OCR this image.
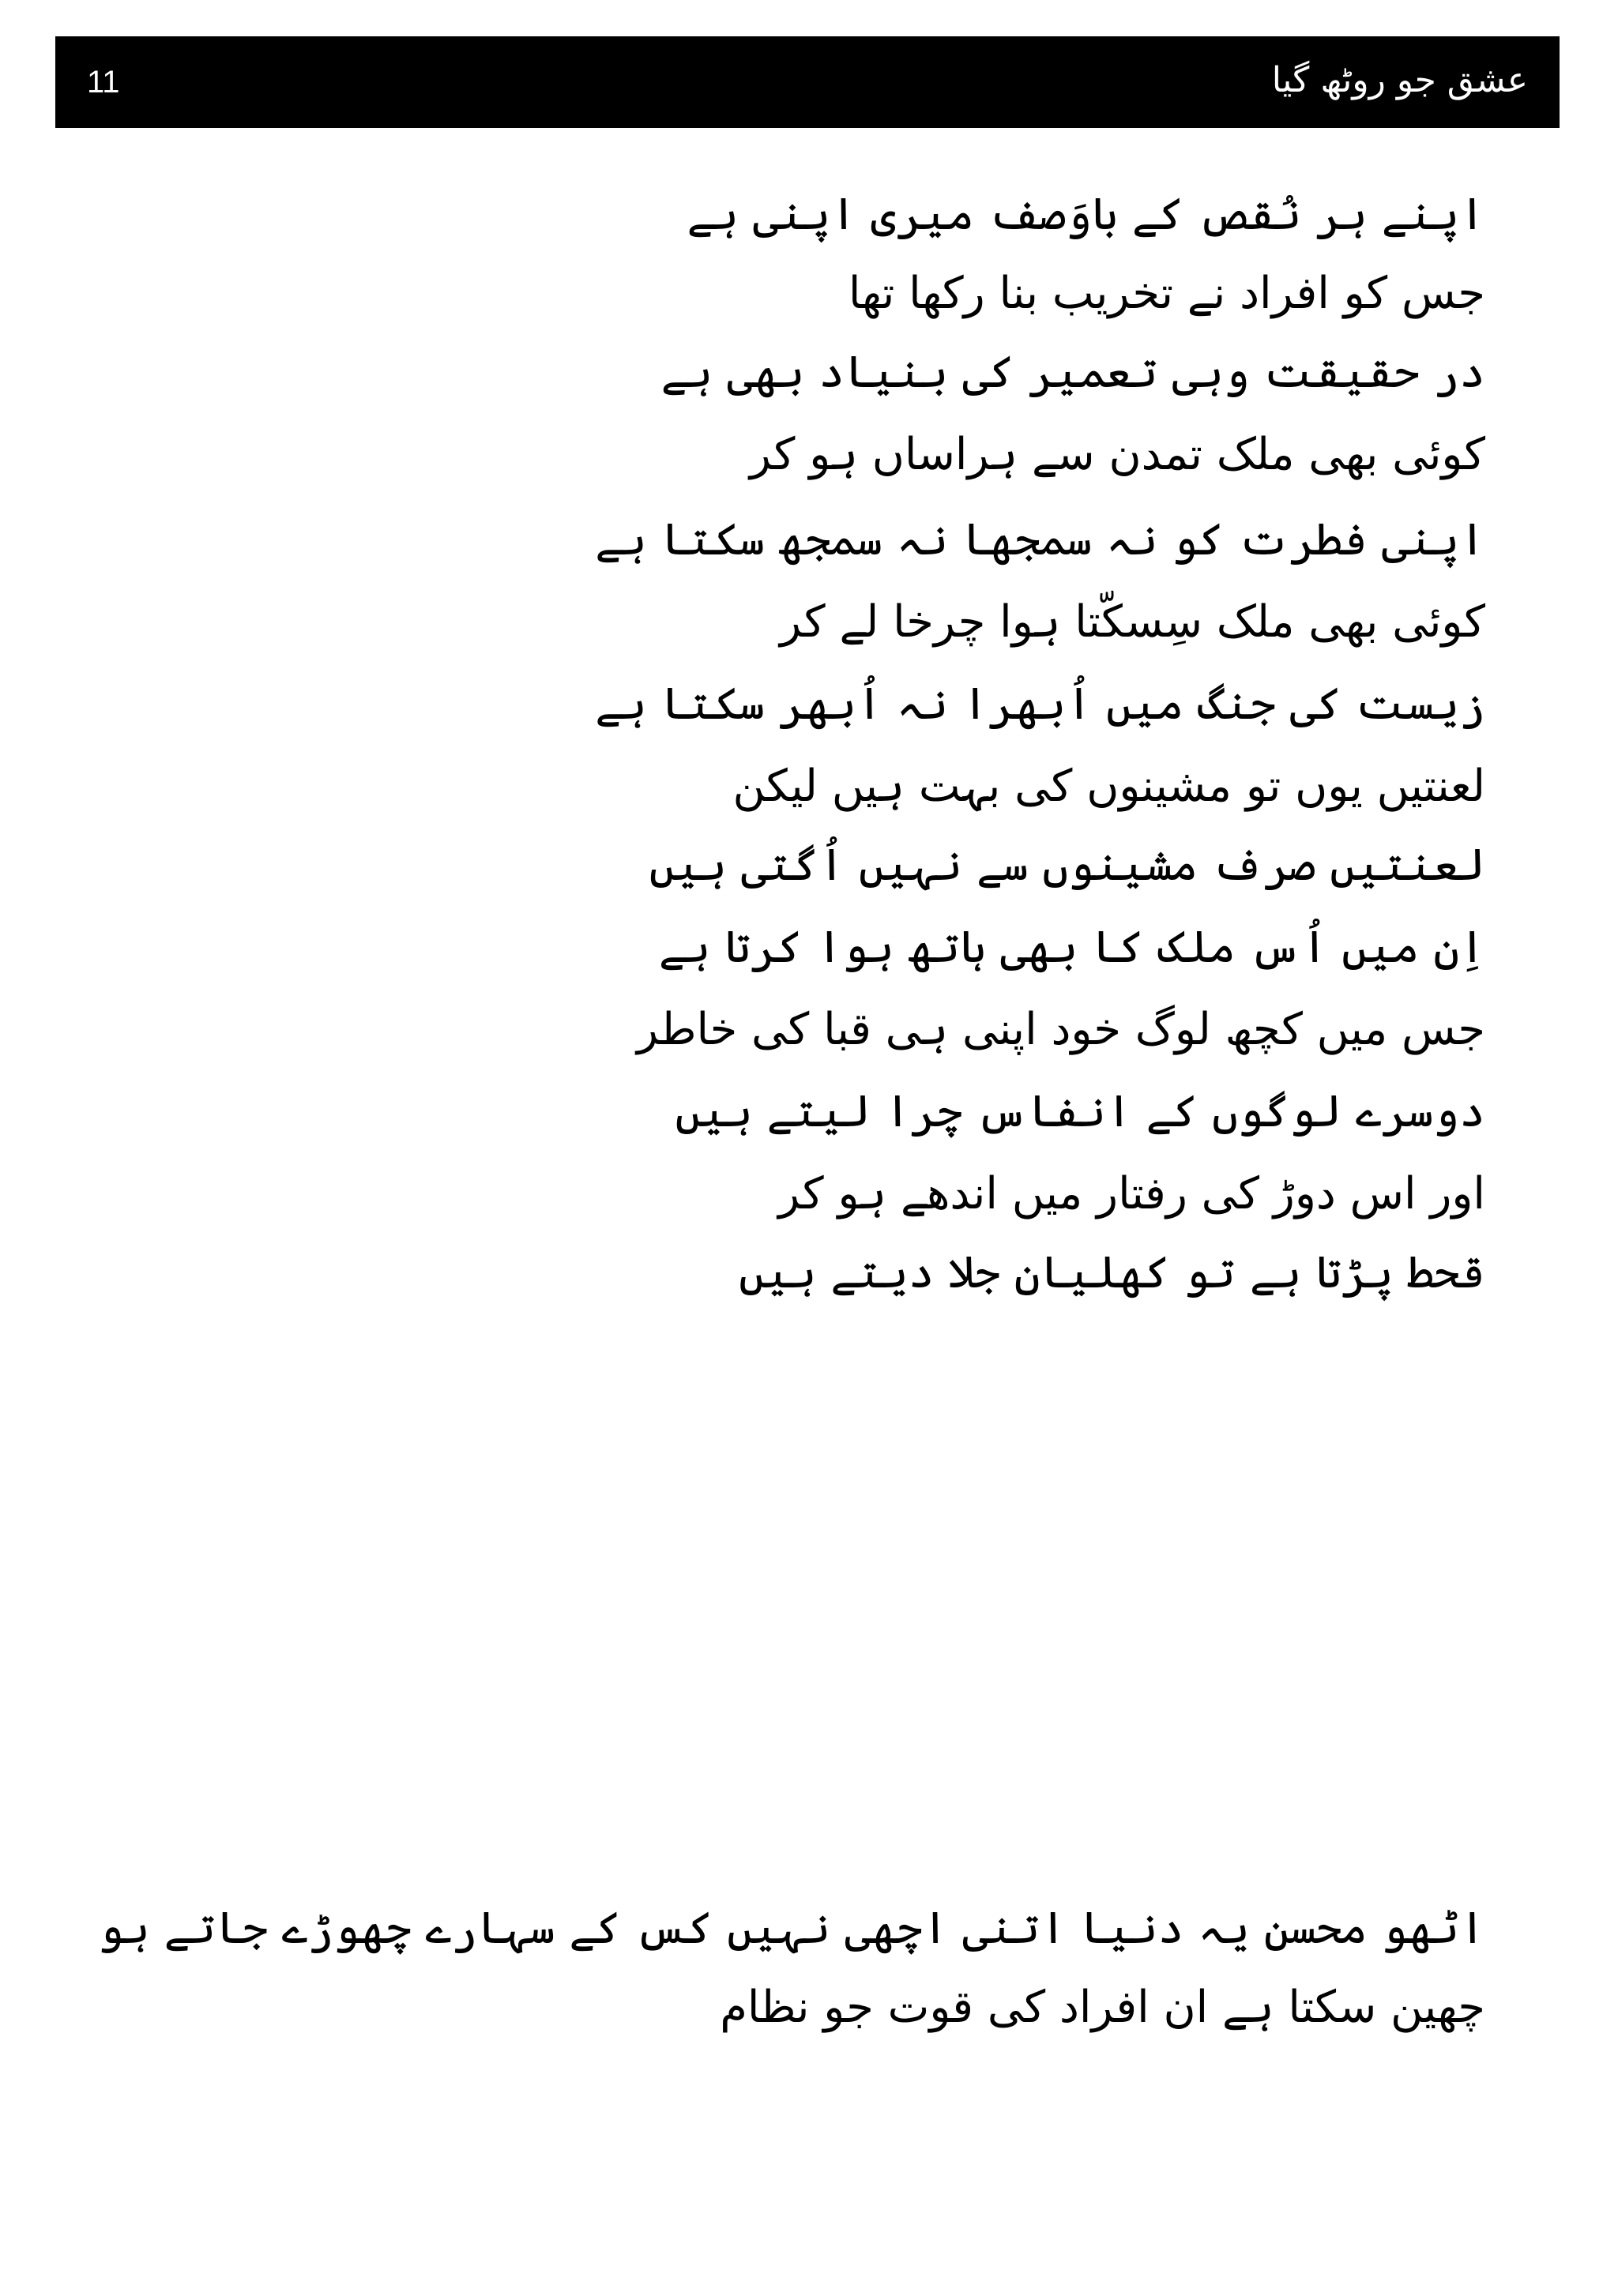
11	عشق جو روٹھ گیا
اپنے ہر نُقص کے باوَصف میری اپنی ہے
جس کو افراد نے تخریب بنا رکھا تھا
در حقیقت وہی تعمیر کی بنیاد بھی ہے
کوئی بھی ملک تمدن سے ہراساں ہو کر
اپنی فطرت کو نہ سمجھا نہ سمجھ سکتا ہے
کوئی بھی ملک سِسکّتا ہوا چرخا لے کر
زیست کی جنگ میں اُبھرا نہ اُبھر سکتا ہے
لعنتیں یوں تو مشینوں کی بہت ہیں لیکن
لعنتیں صرف مشینوں سے نہیں اُگتی ہیں
اِن میں اُس ملک کا بھی ہاتھ ہوا کرتا ہے
جس میں کچھ لوگ خود اپنی ہی قبا کی خاطر
دوسرے لوگوں کے انفاس چرا لیتے ہیں
اور اس دوڑ کی رفتار میں اندھے ہو کر
قحط پڑتا ہے تو کھلیان جلا دیتے ہیں
اٹھو محسن یہ دنیا اتنی اچھی نہیں کس کے سہارے چھوڑے جاتے ہو
چھین سکتا ہے ان افراد کی قوت جو نظام
